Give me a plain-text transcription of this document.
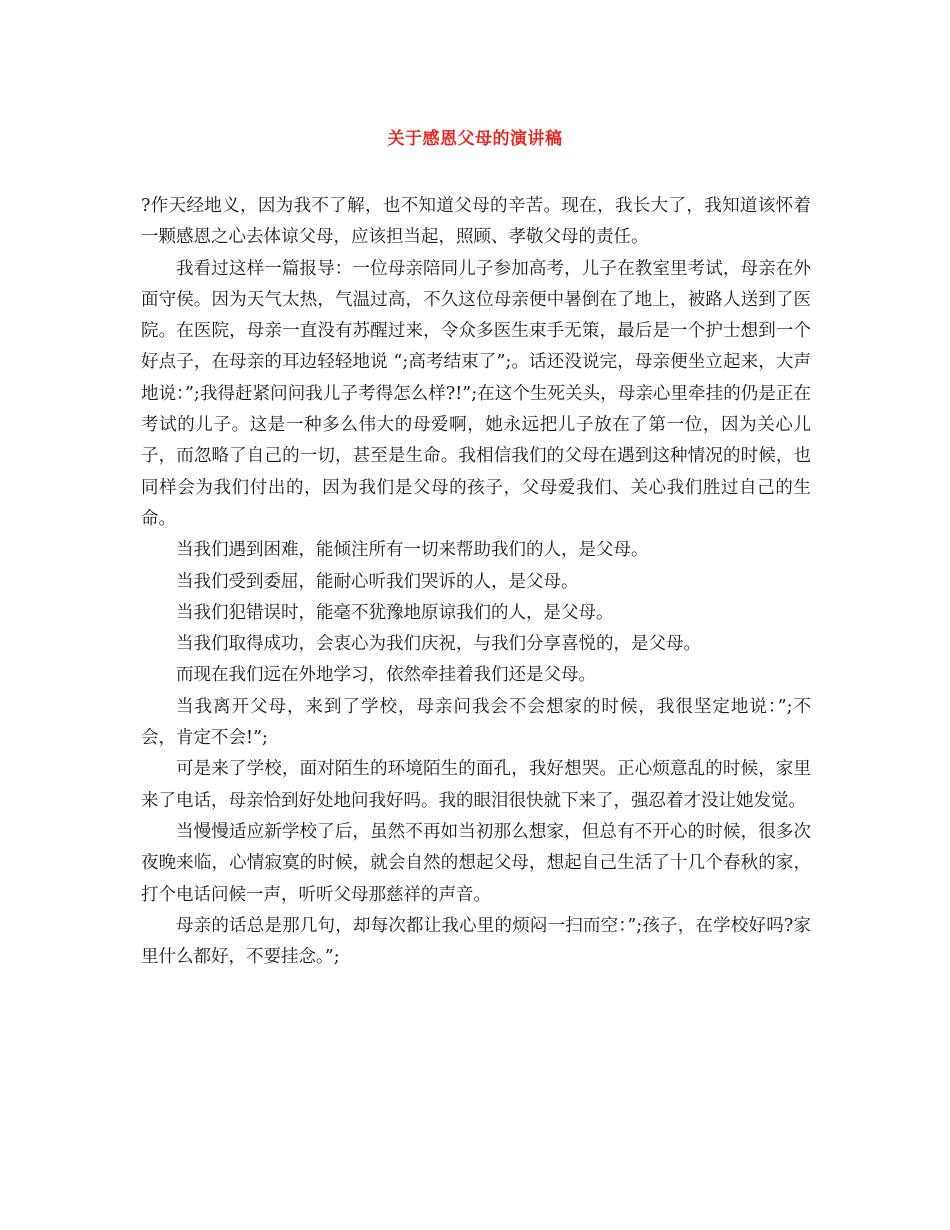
关于感恩父母的演讲稿

?作天经地义，因为我不了解，也不知道父母的辛苦。现在，我长大了，我知道该怀着一颗感恩之心去体谅父母，应该担当起，照顾、孝敬父母的责任。

我看过这样一篇报导：一位母亲陪同儿子参加高考，儿子在教室里考试，母亲在外面守侯。因为天气太热，气温过高，不久这位母亲便中暑倒在了地上，被路人送到了医院。在医院，母亲一直没有苏醒过来，令众多医生束手无策，最后是一个护士想到一个好点子，在母亲的耳边轻轻地说 “;高考结束了”;。话还没说完，母亲便坐立起来，大声地说：”;我得赶紧问问我儿子考得怎么样?!”;在这个生死关头，母亲心里牵挂的仍是正在考试的儿子。这是一种多么伟大的母爱啊，她永远把儿子放在了第一位，因为关心儿子，而忽略了自己的一切，甚至是生命。我相信我们的父母在遇到这种情况的时候，也同样会为我们付出的，因为我们是父母的孩子，父母爱我们、关心我们胜过自己的生命。

当我们遇到困难，能倾注所有一切来帮助我们的人，是父母。

当我们受到委屈，能耐心听我们哭诉的人，是父母。

当我们犯错误时，能毫不犹豫地原谅我们的人，是父母。

当我们取得成功，会衷心为我们庆祝，与我们分享喜悦的，是父母。

而现在我们远在外地学习，依然牵挂着我们还是父母。

当我离开父母，来到了学校，母亲问我会不会想家的时候，我很坚定地说：”;不会，肯定不会!”;

可是来了学校，面对陌生的环境陌生的面孔，我好想哭。正心烦意乱的时候，家里来了电话，母亲恰到好处地问我好吗。我的眼泪很快就下来了，强忍着才没让她发觉。

当慢慢适应新学校了后，虽然不再如当初那么想家，但总有不开心的时候，很多次夜晚来临，心情寂寞的时候，就会自然的想起父母，想起自己生活了十几个春秋的家，打个电话问候一声，听听父母那慈祥的声音。

母亲的话总是那几句，却每次都让我心里的烦闷一扫而空：”;孩子，在学校好吗?家里什么都好，不要挂念。”;
